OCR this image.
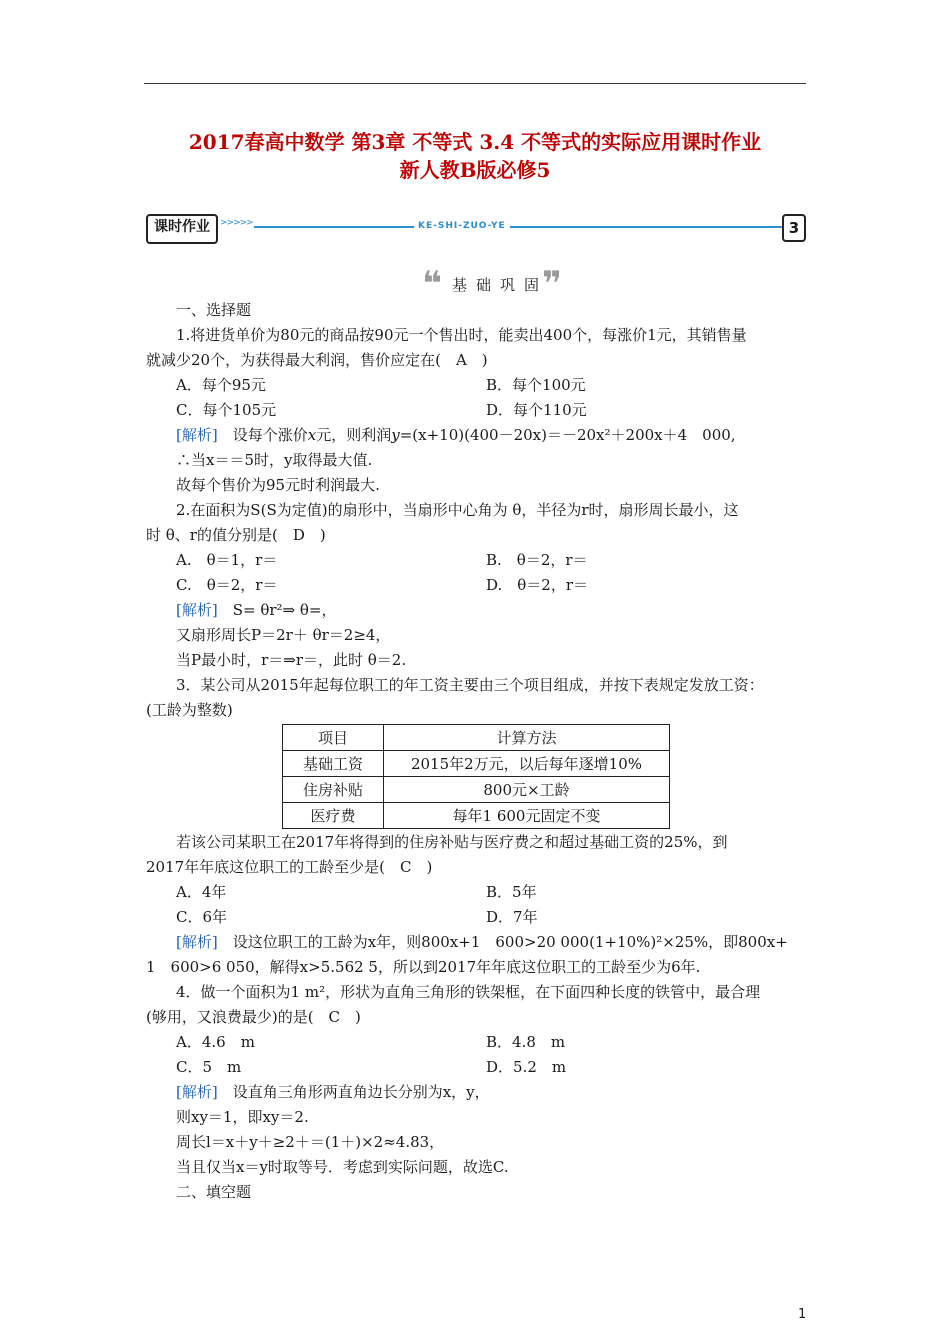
2017春高中数学 第3章 不等式 3.4 不等式的实际应用课时作业
新人教B版必修5
课时作业	>>>>>	KE-SHI-ZUO-YE	3
❝ 基础巩固
❞
一、选择题
1.将进货单价为80元的商品按90元一个售出时，能卖出400个，每涨价1元，其销售量
就减少20个，为获得最大利润，售价应定在(　A　)
A．每个95元	B．每个100元
C．每个105元	D．每个110元
[解析]　设每个涨价x元，则利润y=(x+10)(400－20x)＝－20x²＋200x＋4　000,
∴当x＝＝5时，y取得最大值.
故每个售价为95元时利润最大.
2.在面积为S(S为定值)的扇形中，当扇形中心角为 θ，半径为r时，扇形周长最小，这
时 θ、r的值分别是(　D　)
A.　θ＝1，r＝	B.　θ＝2，r＝
C.　θ＝2，r＝	D.　θ＝2，r＝
[解析]　S= θr²⇒ θ=，
又扇形周长P＝2r＋ θr＝2≥4，
当P最小时，r＝⇒r＝，此时 θ＝2.
3．某公司从2015年起每位职工的年工资主要由三个项目组成，并按下表规定发放工资：
(工龄为整数)
项目	计算方法
基础工资	2015年2万元，以后每年逐增10%
住房补贴	800元×工龄
医疗费	每年1 600元固定不变
若该公司某职工在2017年将得到的住房补贴与医疗费之和超过基础工资的25%，到
2017年年底这位职工的工龄至少是(　C　)
A．4年	B．5年
C．6年	D．7年
[解析]　设这位职工的工龄为x年，则800x+1　600>20 000(1+10%)²×25%，即800x+
1　600>6 050，解得x>5.562 5，所以到2017年年底这位职工的工龄至少为6年.
4．做一个面积为1 m²，形状为直角三角形的铁架框，在下面四种长度的铁管中，最合理
(够用，又浪费最少)的是(　C　)
A．4.6　m	B．4.8　m
C．5　m	D．5.2　m
[解析]　设直角三角形两直角边长分别为x，y，
则xy＝1，即xy＝2.
周长l＝x＋y＋≥2＋＝(1＋)×2≈4.83，
当且仅当x＝y时取等号．考虑到实际问题，故选C.
二、填空题
1
